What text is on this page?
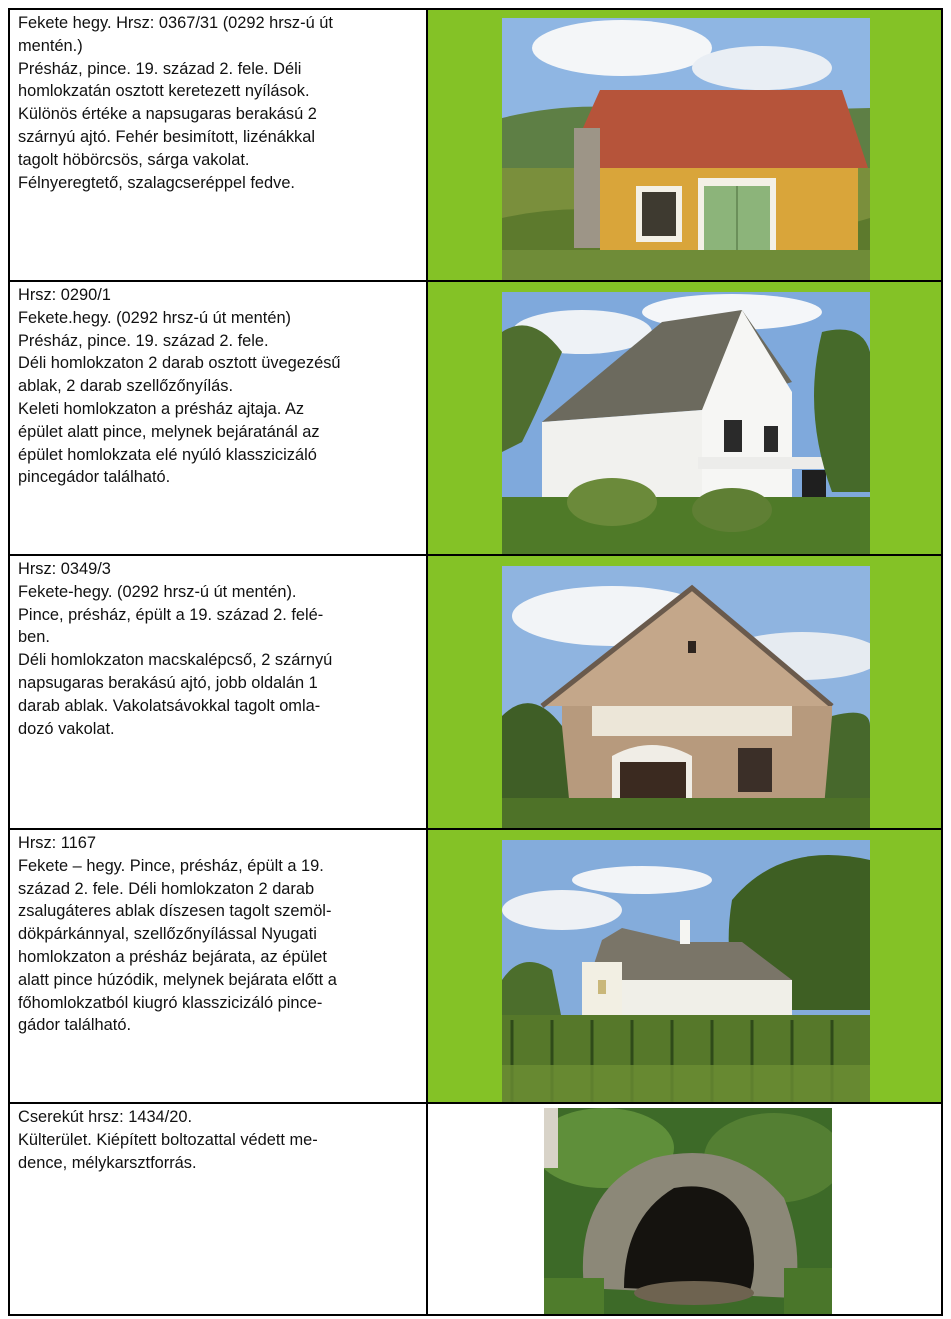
Fekete hegy. Hrsz: 0367/31 (0292 hrsz-ú út

mentén.)

Présház, pince. 19. század 2. fele. Déli

homlokzatán osztott keretezett nyílások.

Különös értéke a napsugaras berakású 2

szárnyú ajtó. Fehér besimított, lizénákkal

tagolt höbörcsös, sárga vakolat.

Félnyeregtető, szalagcseréppel fedve.

Hrsz: 0290/1

Fekete.hegy. (0292 hrsz-ú út mentén)

Présház, pince. 19. század 2. fele.

Déli homlokzaton 2 darab osztott üvegezésű

ablak, 2 darab szellőzőnyílás.

Keleti homlokzaton a présház ajtaja. Az

épület alatt pince, melynek bejáratánál az

épület homlokzata elé nyúló klasszicizáló

pincegádor található.

Hrsz: 0349/3

Fekete-hegy. (0292 hrsz-ú út mentén).

Pince, présház, épült a 19. század 2. felé-

ben.

Déli homlokzaton macskalépcső, 2 szárnyú

napsugaras berakású ajtó, jobb oldalán 1

darab ablak. Vakolatsávokkal tagolt omla-

dozó vakolat.

Hrsz: 1167

Fekete – hegy. Pince, présház, épült a 19.

század 2. fele. Déli homlokzaton 2 darab

zsalugáteres ablak díszesen tagolt szemöl-

dökpárkánnyal, szellőzőnyílással Nyugati

homlokzaton a présház bejárata, az épület

alatt pince húzódik, melynek bejárata előtt a

főhomlokzatból kiugró klasszicizáló pince-

gádor található.

Cserekút hrsz: 1434/20.

Külterület. Kiépített boltozattal védett me-

dence, mélykarsztforrás.
